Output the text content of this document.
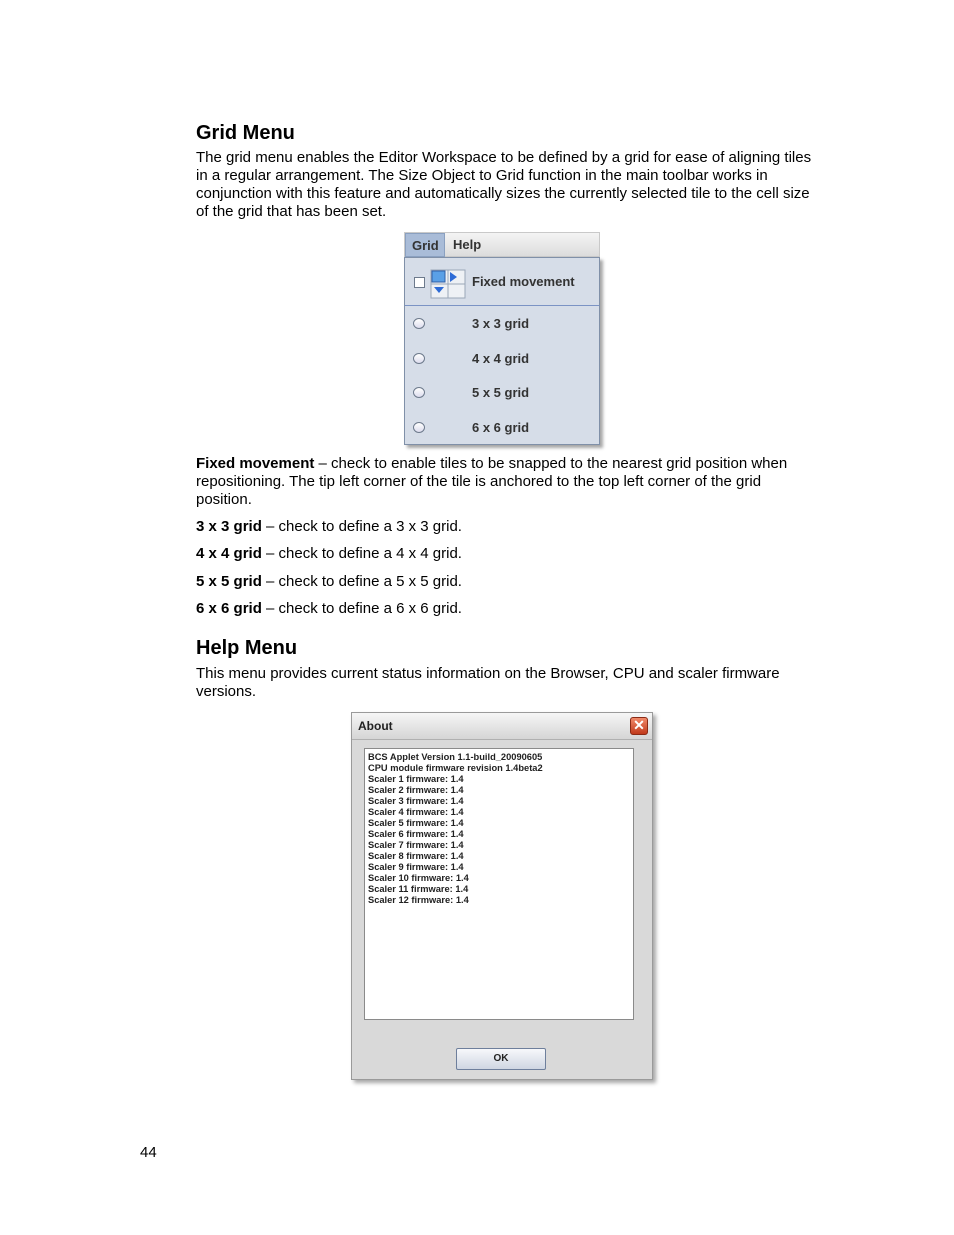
Grid Menu

The grid menu enables the Editor Workspace to be defined by a grid for ease of aligning tiles in a regular arrangement. The Size Object to Grid function in the main toolbar works in conjunction with this feature and automatically sizes the currently selected tile to the cell size of the grid that has been set.

Grid	Help
Fixed movement
3 x 3 grid
4 x 4 grid
5 x 5 grid
6 x 6 grid

Fixed movement – check to enable tiles to be snapped to the nearest grid position when repositioning. The tip left corner of the tile is anchored to the top left corner of the grid position.

3 x 3 grid – check to define a 3 x 3 grid.

4 x 4 grid – check to define a 4 x 4 grid.

5 x 5 grid – check to define a 5 x 5 grid.

6 x 6 grid – check to define a 6 x 6 grid.

Help Menu

This menu provides current status information on the Browser, CPU and scaler firmware versions.

About	✕
BCS Applet Version 1.1-build_20090605
CPU module firmware revision 1.4beta2
Scaler 1 firmware: 1.4
Scaler 2 firmware: 1.4
Scaler 3 firmware: 1.4
Scaler 4 firmware: 1.4
Scaler 5 firmware: 1.4
Scaler 6 firmware: 1.4
Scaler 7 firmware: 1.4
Scaler 8 firmware: 1.4
Scaler 9 firmware: 1.4
Scaler 10 firmware: 1.4
Scaler 11 firmware: 1.4
Scaler 12 firmware: 1.4
OK
44
